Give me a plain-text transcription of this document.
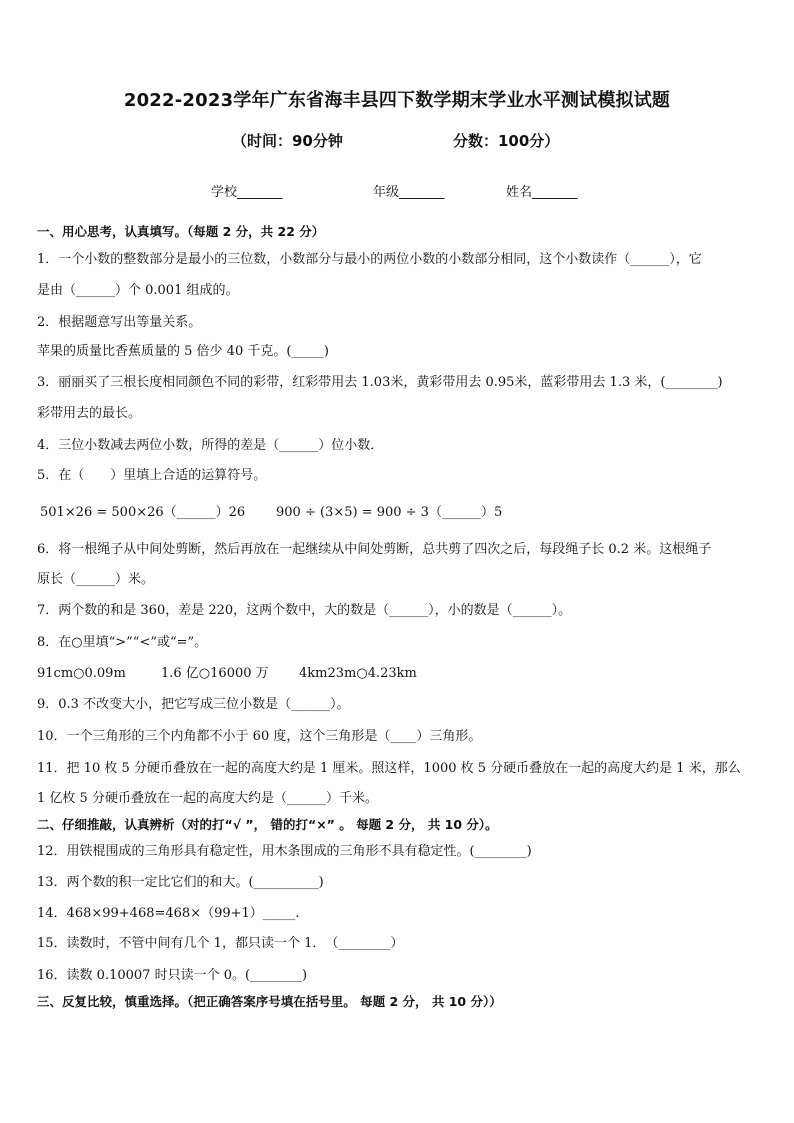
2022-2023学年广东省海丰县四下数学期末学业水平测试模拟试题
（时间：90分钟	分数：100分）
学校_______	年级_______	姓名_______
一、用心思考，认真填写。（每题 2 分，共 22 分）
1．一个小数的整数部分是最小的三位数，小数部分与最小的两位小数的小数部分相同，这个小数读作（______），它
是由（______）个 0.001 组成的。
2．根据题意写出等量关系。
苹果的质量比香蕉质量的 5 倍少 40 千克。(_____)
3．丽丽买了三根长度相同颜色不同的彩带，红彩带用去 1.03米，黄彩带用去 0.95米，蓝彩带用去 1.3 米，(________)
彩带用去的最长。
4．三位小数减去两位小数，所得的差是（______）位小数．
5．在（　　）里填上合适的运算符号。
501×26 = 500×26（______）26 900 ÷ (3×5) = 900 ÷ 3（______）5
6．将一根绳子从中间处剪断，然后再放在一起继续从中间处剪断，总共剪了四次之后，每段绳子长 0.2 米。这根绳子
原长（______）米。
7．两个数的和是 360，差是 220，这两个数中，大的数是（______），小的数是（______）。
8．在○里填“>”“<”或“=”。
91cm○0.09m	1.6 亿○16000 万 4km23m○4.23km
9．0.3 不改变大小，把它写成三位小数是（______）。
10．一个三角形的三个内角都不小于 60 度，这个三角形是（____）三角形。
11．把 10 枚 5 分硬币叠放在一起的高度大约是 1 厘米。照这样，1000 枚 5 分硬币叠放在一起的高度大约是 1 米，那么
1 亿枚 5 分硬币叠放在一起的高度大约是（______）千米。
二、仔细推敲，认真辨析（对的打“√ ”， 错的打“×” 。 每题 2 分， 共 10 分）。
12．用铁棍围成的三角形具有稳定性，用木条围成的三角形不具有稳定性。(________)
13．两个数的积一定比它们的和大。(__________)
14．468×99+468=468×（99+1）_____.
15．读数时，不管中间有几个 1，都只读一个 1．　（________）
16．读数 0.10007 时只读一个 0。(________)
三、反复比较，慎重选择。（把正确答案序号填在括号里。 每题 2 分， 共 10 分））
